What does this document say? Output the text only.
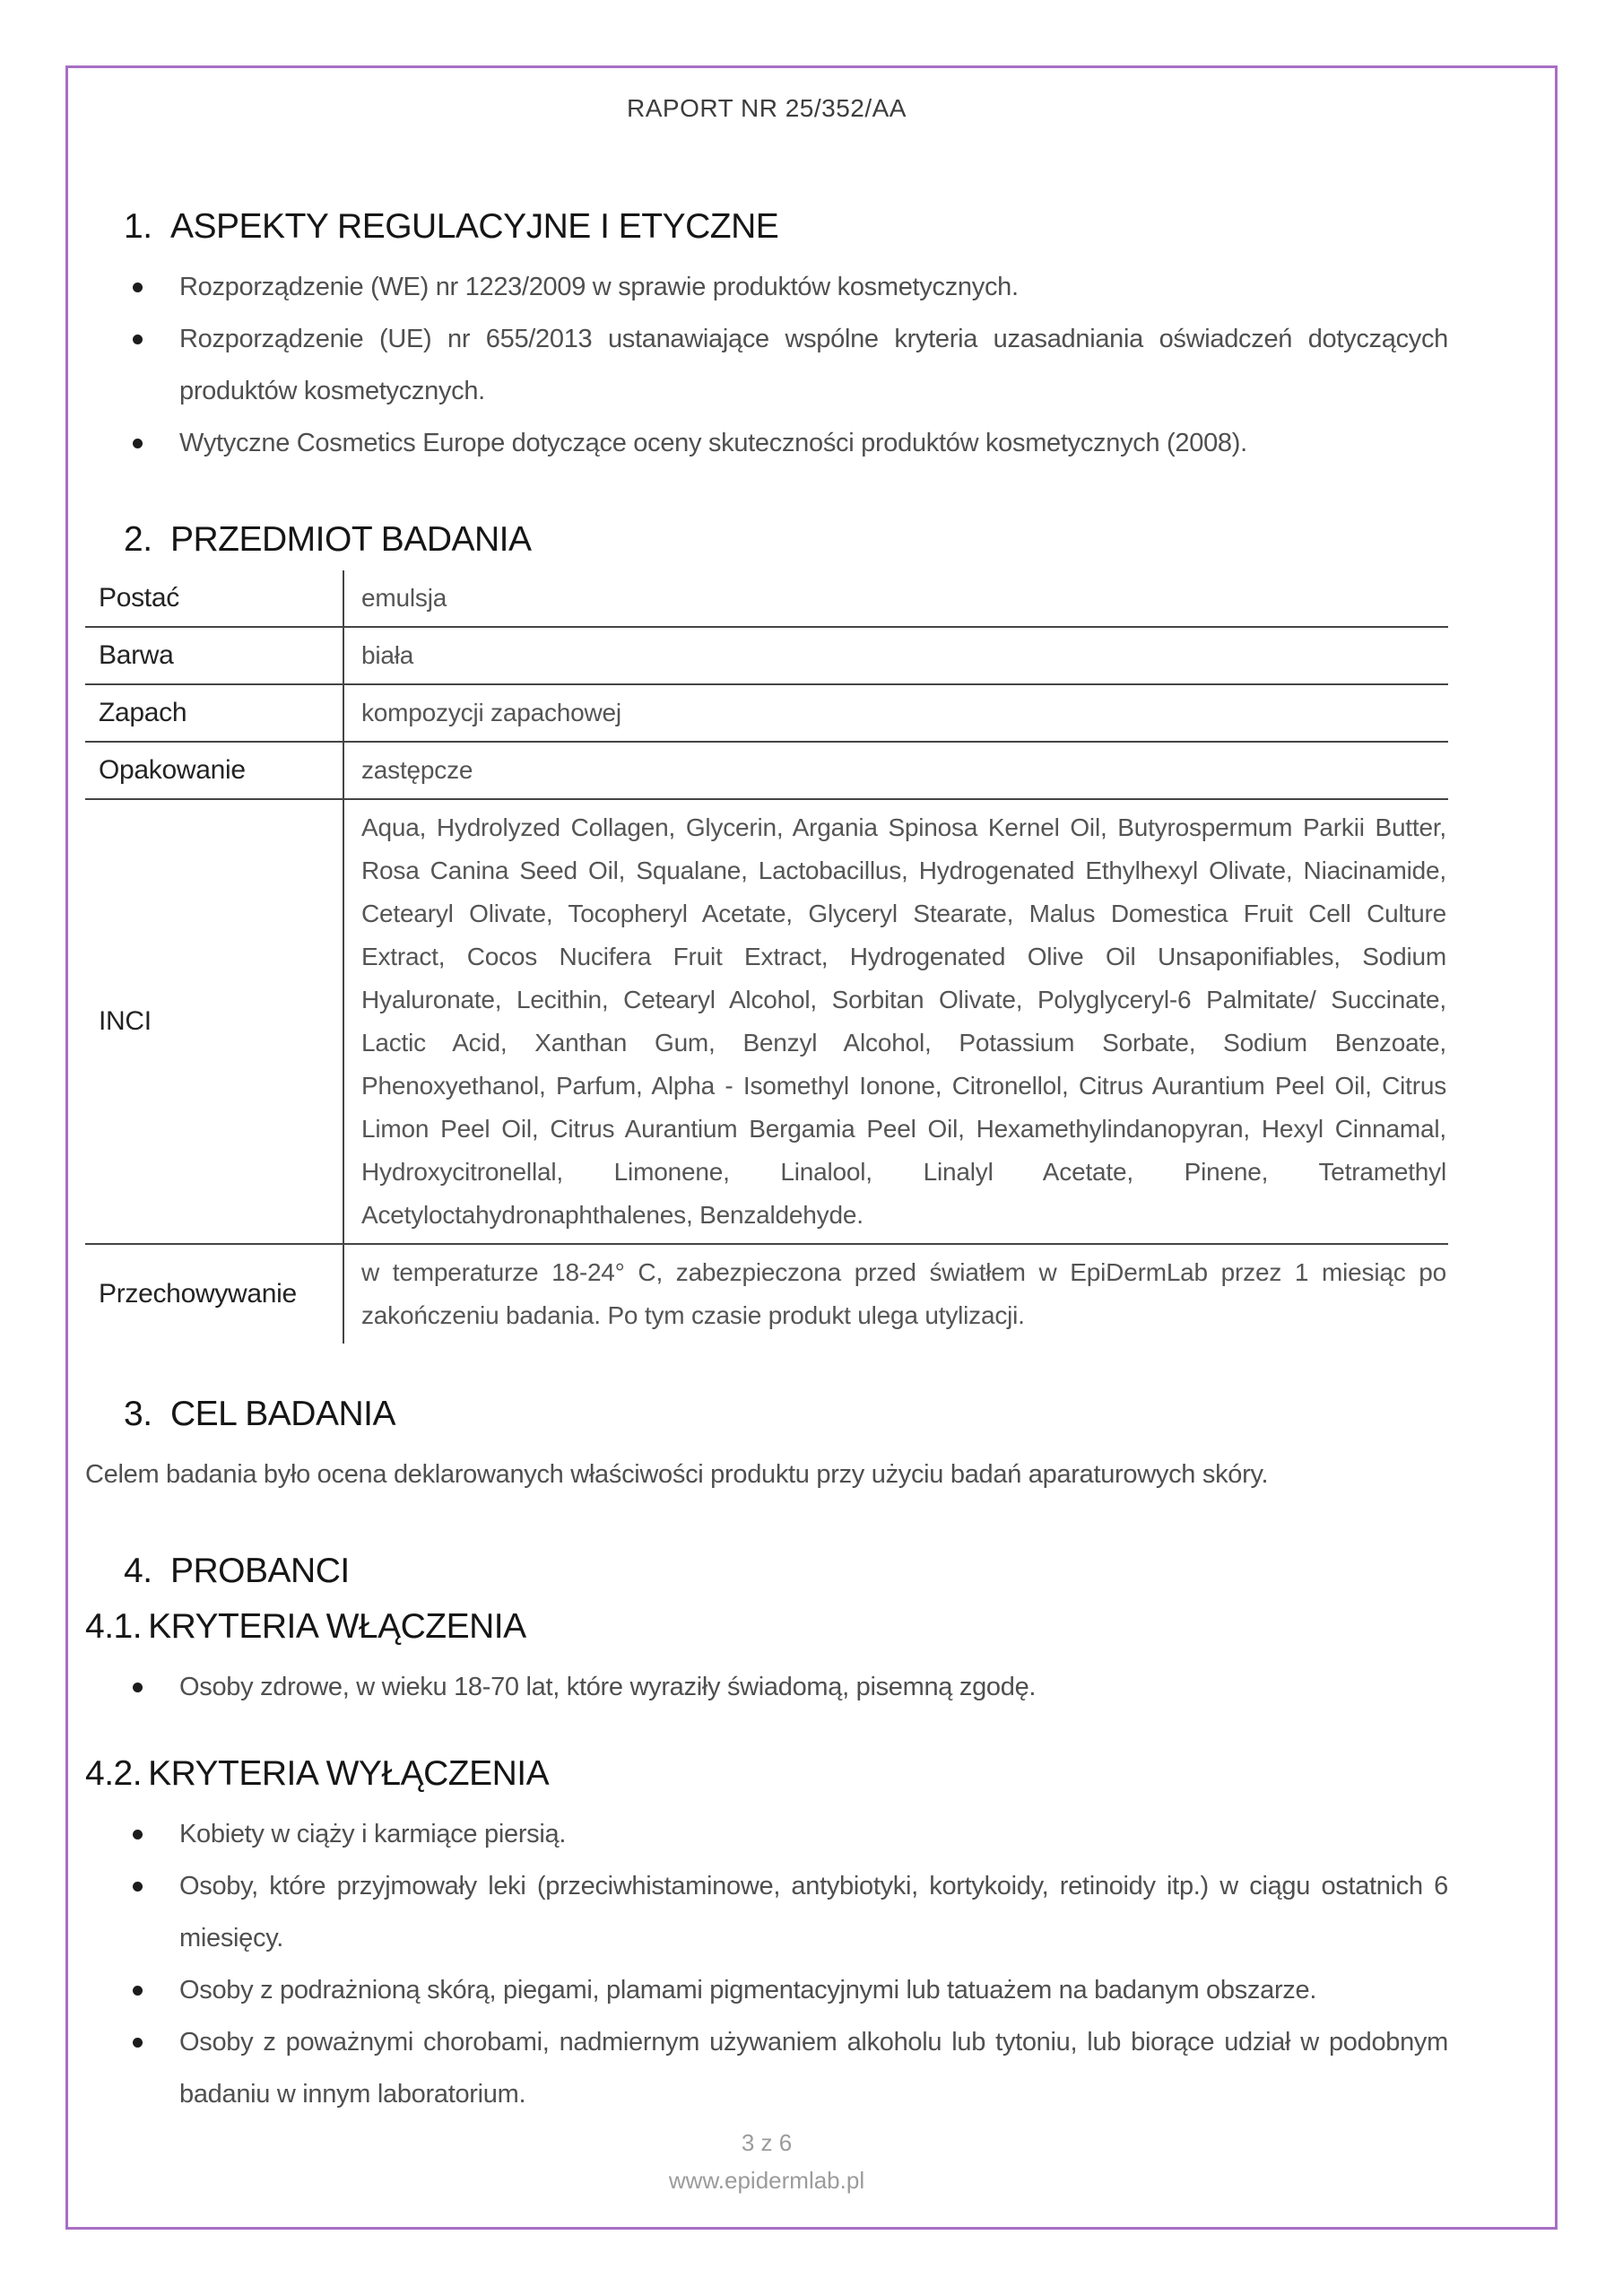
RAPORT NR 25/352/AA
1. ASPEKTY REGULACYJNE I ETYCZNE
Rozporządzenie (WE) nr 1223/2009 w sprawie produktów kosmetycznych.
Rozporządzenie (UE) nr 655/2013 ustanawiające wspólne kryteria uzasadniania oświadczeń dotyczących produktów kosmetycznych.
Wytyczne Cosmetics Europe dotyczące oceny skuteczności produktów kosmetycznych (2008).
2. PRZEDMIOT BADANIA
Postać	emulsja
Barwa	biała
Zapach	kompozycji zapachowej
Opakowanie	zastępcze
INCI	Aqua, Hydrolyzed Collagen, Glycerin, Argania Spinosa Kernel Oil, Butyrospermum Parkii Butter, Rosa Canina Seed Oil, Squalane, Lactobacillus, Hydrogenated Ethylhexyl Olivate, Niacinamide, Cetearyl Olivate, Tocopheryl Acetate, Glyceryl Stearate, Malus Domestica Fruit Cell Culture Extract, Cocos Nucifera Fruit Extract, Hydrogenated Olive Oil Unsaponifiables, Sodium Hyaluronate, Lecithin, Cetearyl Alcohol, Sorbitan Olivate, Polyglyceryl-6 Palmitate/ Succinate, Lactic Acid, Xanthan Gum, Benzyl Alcohol, Potassium Sorbate, Sodium Benzoate, Phenoxyethanol, Parfum, Alpha - Isomethyl Ionone, Citronellol, Citrus Aurantium Peel Oil, Citrus Limon Peel Oil, Citrus Aurantium Bergamia Peel Oil, Hexamethylindanopyran, Hexyl Cinnamal, Hydroxycitronellal, Limonene, Linalool, Linalyl Acetate, Pinene, Tetramethyl Acetyloctahydronaphthalenes, Benzaldehyde.
Przechowywanie	w temperaturze 18-24° C, zabezpieczona przed światłem w EpiDermLab przez 1 miesiąc po zakończeniu badania. Po tym czasie produkt ulega utylizacji.
3. CEL BADANIA

Celem badania było ocena deklarowanych właściwości produktu przy użyciu badań aparaturowych skóry.

4. PROBANCI
4.1. KRYTERIA WŁĄCZENIA
Osoby zdrowe, w wieku 18-70 lat, które wyraziły świadomą, pisemną zgodę.
4.2. KRYTERIA WYŁĄCZENIA
Kobiety w ciąży i karmiące piersią.
Osoby, które przyjmowały leki (przeciwhistaminowe, antybiotyki, kortykoidy, retinoidy itp.) w ciągu ostatnich 6 miesięcy.
Osoby z podrażnioną skórą, piegami, plamami pigmentacyjnymi lub tatuażem na badanym obszarze.
Osoby z poważnymi chorobami, nadmiernym używaniem alkoholu lub tytoniu, lub biorące udział w podobnym badaniu w innym laboratorium.
3 z 6
www.epidermlab.pl
